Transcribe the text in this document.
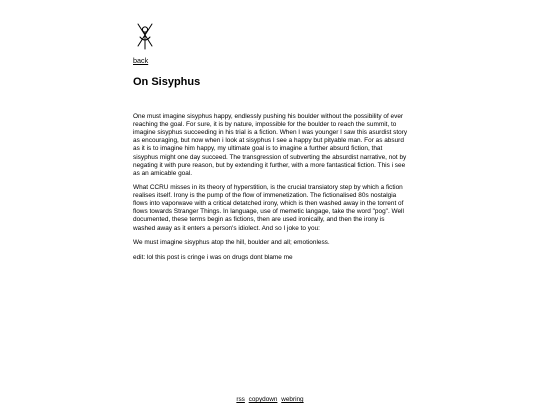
back
On Sisyphus

One must imagine sisyphus happy, endlessly pushing his boulder without the possibility of ever reaching the goal. For sure, it is by nature, impossible for the boulder to reach the summit, to imagine sisyphus succeeding in his trial is a fiction. When I was younger I saw this asurdist story as encouraging, but now when i look at sisyphus I see a happy but pityable man. For as absurd as it is to imagine him happy, my ultimate goal is to imagine a further absurd fiction, that sisyphus might one day succeed. The transgression of subverting the absurdist narrative, not by negating it with pure reason, but by extending it further, with a more fantastical fiction. This i see as an amicable goal.

What CCRU misses in its theory of hyperstition, is the crucial transiatory step by which a fiction realises itself. Irony is the pump of the flow of immenetization. The fictionalised 80s nostalgia flows into vaporwave with a critical detatched irony, which is then washed away in the torrent of flows towards Stranger Things. In language, use of memetic langage, take the word "pog". Well documented, these terms begin as fictions, then are used ironically, and then the irony is washed away as it enters a person's idiolect. And so I joke to you:

We must imagine sisyphus atop the hill, boulder and all; emotionless.

edit: lol this post is cringe i was on drugs dont blame me

rss copydown webring
